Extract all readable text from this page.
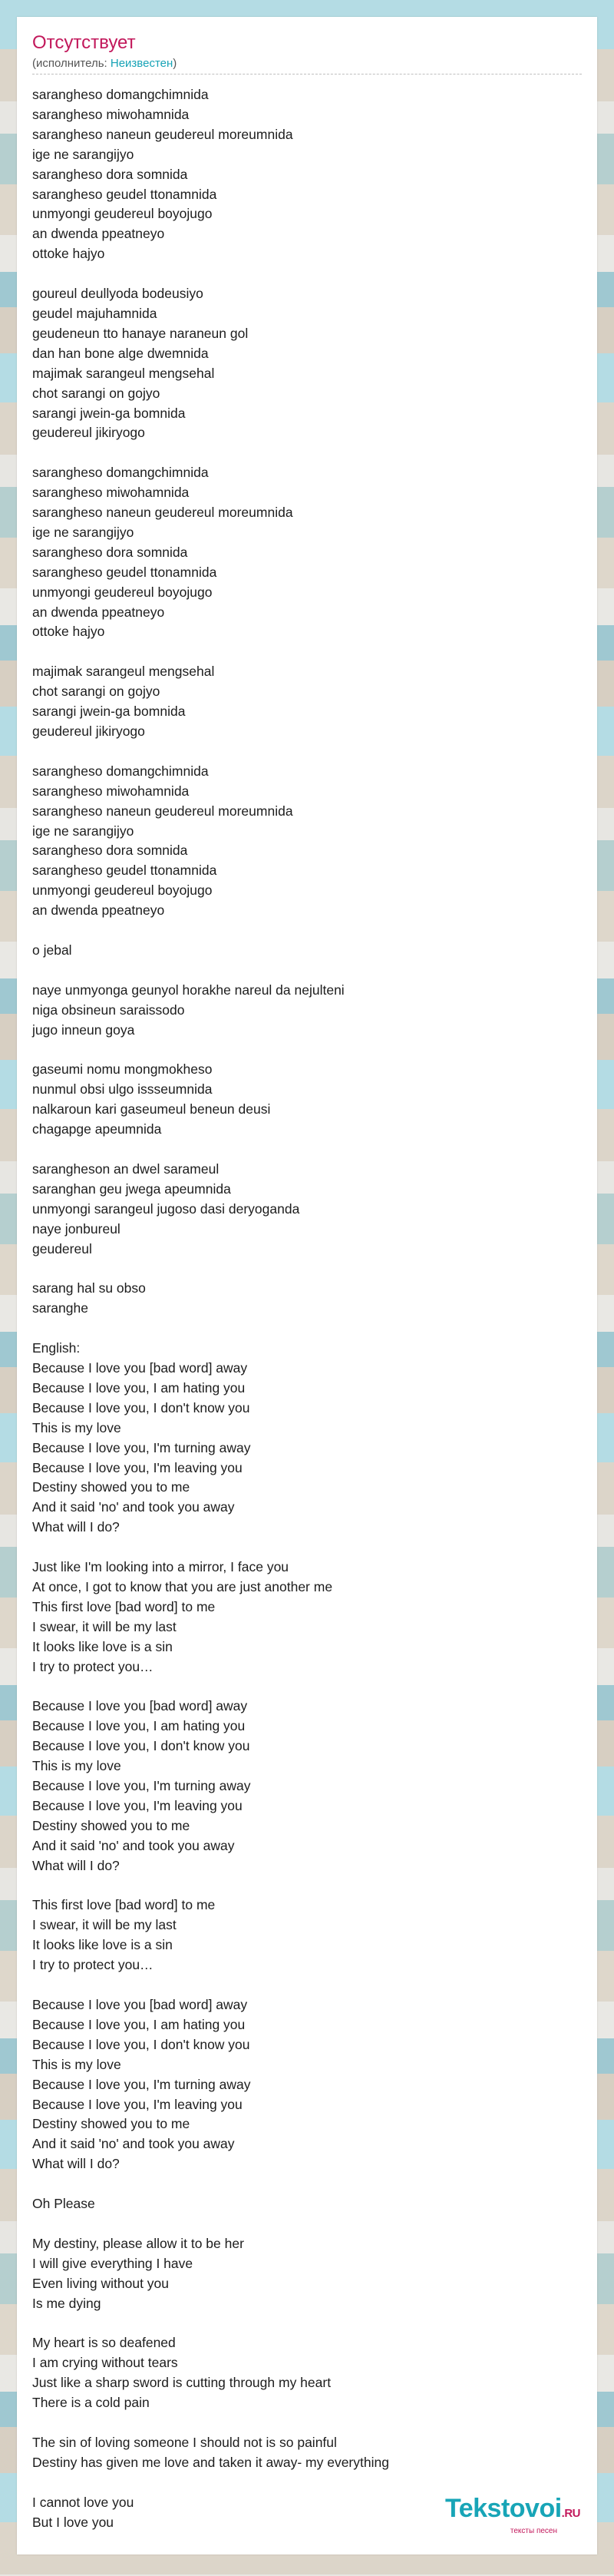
Отсутствует
(исполнитель: Неизвестен)
sarangheso domangchimnida
sarangheso miwohamnida
sarangheso naneun geudereul moreumnida
ige ne sarangijyo
sarangheso dora somnida
sarangheso geudel ttonamnida
unmyongi geudereul boyojugo
an dwenda ppeatneyo
ottoke hajyo

goureul deullyoda bodeusiyo
geudel majuhamnida
geudeneun tto hanaye naraneun gol
dan han bone alge dwemnida
majimak sarangeul mengsehal
chot sarangi on gojyo
sarangi jwein-ga bomnida
geudereul jikiryogo

sarangheso domangchimnida
sarangheso miwohamnida
sarangheso naneun geudereul moreumnida
ige ne sarangijyo
sarangheso dora somnida
sarangheso geudel ttonamnida
unmyongi geudereul boyojugo
an dwenda ppeatneyo
ottoke hajyo

majimak sarangeul mengsehal
chot sarangi on gojyo
sarangi jwein-ga bomnida
geudereul jikiryogo

sarangheso domangchimnida
sarangheso miwohamnida
sarangheso naneun geudereul moreumnida
ige ne sarangijyo
sarangheso dora somnida
sarangheso geudel ttonamnida
unmyongi geudereul boyojugo
an dwenda ppeatneyo

o jebal

naye unmyonga geunyol horakhe nareul da nejulteni
niga obsineun saraissodo
jugo inneun goya

gaseumi nomu mongmokheso
nunmul obsi ulgo issseumnida
nalkaroun kari gaseumeul beneun deusi
chagapge apeumnida

sarangheson an dwel sarameul
saranghan geu jwega apeumnida
unmyongi sarangeul jugoso dasi deryoganda
naye jonbureul
geudereul

sarang hal su obso
saranghe

English:
Because I love you [bad word] away
Because I love you, I am hating you
Because I love you, I don't know you
This is my love
Because I love you, I'm turning away
Because I love you, I'm leaving you
Destiny showed you to me
And it said 'no' and took you away
What will I do?

Just like I'm looking into a mirror, I face you
At once, I got to know that you are just another me
This first love [bad word] to me
I swear, it will be my last
It looks like love is a sin
I try to protect you…

Because I love you [bad word] away
Because I love you, I am hating you
Because I love you, I don't know you
This is my love
Because I love you, I'm turning away
Because I love you, I'm leaving you
Destiny showed you to me
And it said 'no' and took you away
What will I do?

This first love [bad word] to me
I swear, it will be my last
It looks like love is a sin
I try to protect you…

Because I love you [bad word] away
Because I love you, I am hating you
Because I love you, I don't know you
This is my love
Because I love you, I'm turning away
Because I love you, I'm leaving you
Destiny showed you to me
And it said 'no' and took you away
What will I do?

Oh Please

My destiny, please allow it to be her
I will give everything I have
Even living without you
Is me dying

My heart is so deafened
I am crying without tears
Just like a sharp sword is cutting through my heart
There is a cold pain

The sin of loving someone I should not is so painful
Destiny has given me love and taken it away- my everything

I cannot love you
But I love you	Tekstovoi.RU
тексты песен
